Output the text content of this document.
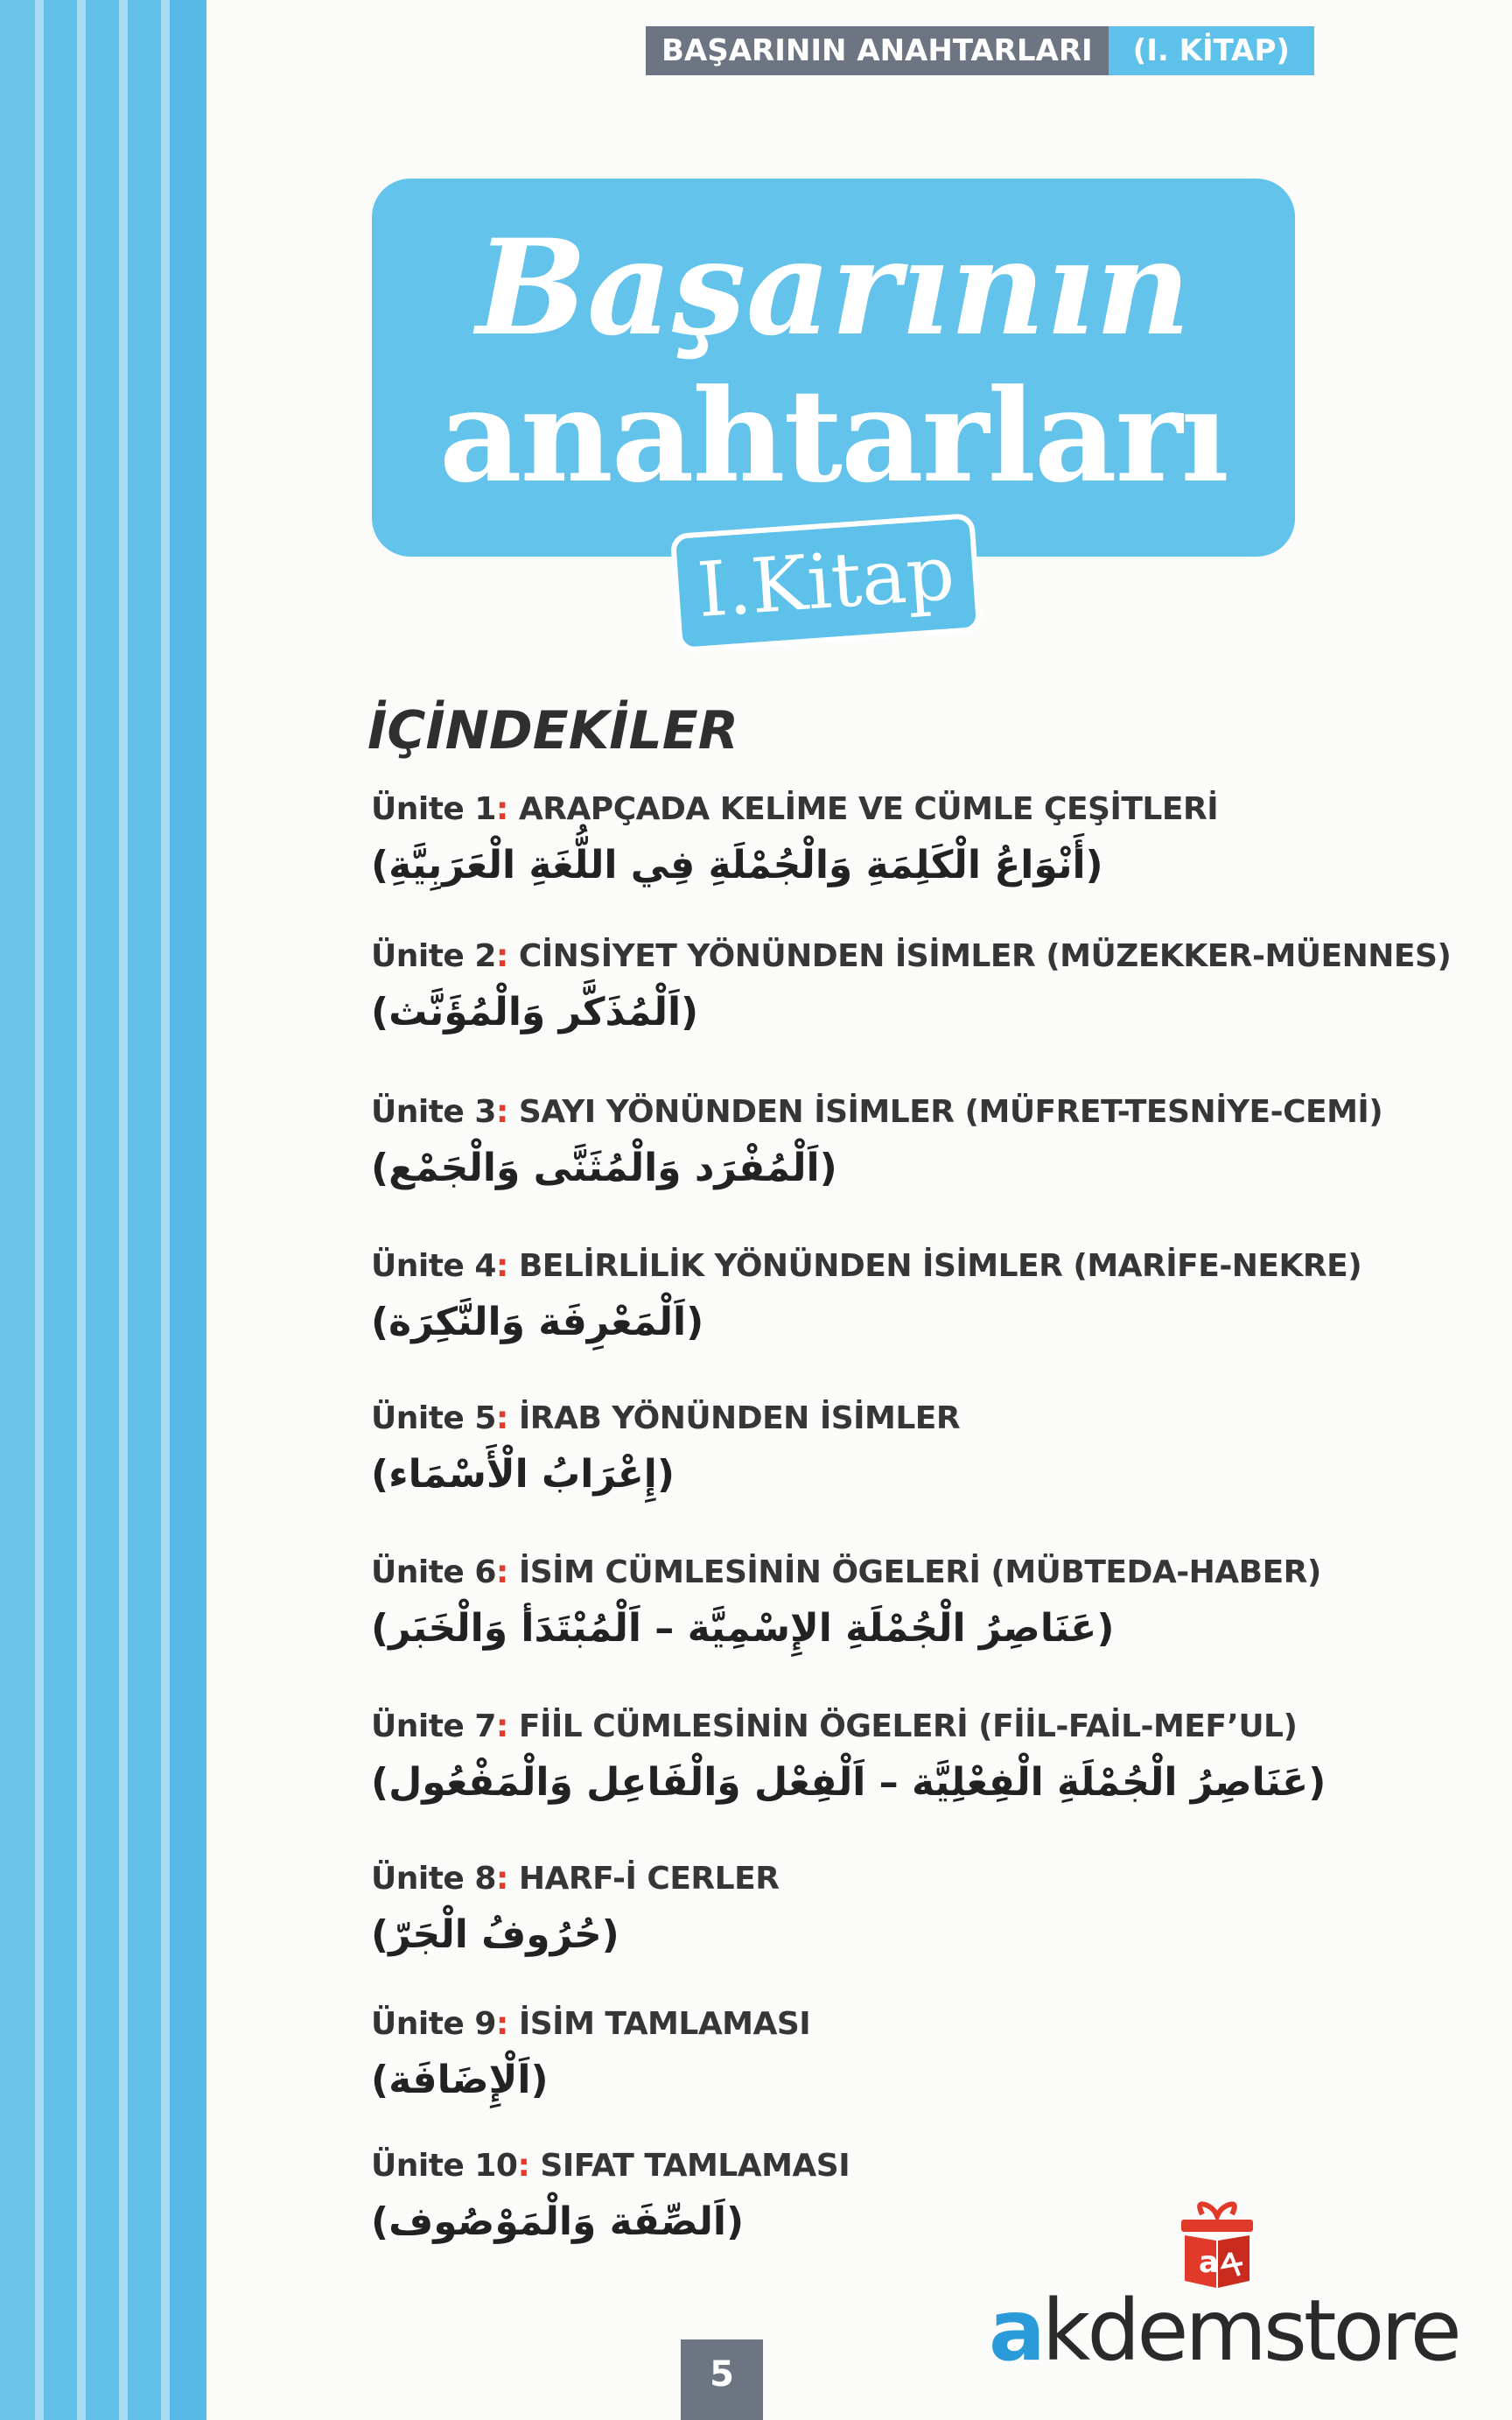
BAŞARININ ANAHTARLARI	(I. KİTAP)
Başarının
anahtarları
I.Kitap
İÇİNDEKİLER
Ünite 1: ARAPÇADA KELİME VE CÜMLE ÇEŞİTLERİ
(أَنْوَاعُ الْكَلِمَةِ وَالْجُمْلَةِ فِي اللُّغَةِ الْعَرَبِيَّةِ)
Ünite 2: CİNSİYET YÖNÜNDEN İSİMLER (MÜZEKKER-MÜENNES)
(اَلْمُذَكَّر وَالْمُؤَنَّث)
Ünite 3: SAYI YÖNÜNDEN İSİMLER (MÜFRET-TESNİYE-CEMİ)
(اَلْمُفْرَد وَالْمُثَنَّى وَالْجَمْع)
Ünite 4: BELİRLİLİK YÖNÜNDEN İSİMLER (MARİFE-NEKRE)
(اَلْمَعْرِفَة وَالنَّكِرَة)
Ünite 5: İRAB YÖNÜNDEN İSİMLER
(إِعْرَابُ الْأَسْمَاء)
Ünite 6: İSİM CÜMLESİNİN ÖGELERİ (MÜBTEDA-HABER)
(عَنَاصِرُ الْجُمْلَةِ الإِسْمِيَّة – اَلْمُبْتَدَأ وَالْخَبَر)
Ünite 7: FİİL CÜMLESİNİN ÖGELERİ (FİİL-FAİL-MEF’UL)
(عَنَاصِرُ الْجُمْلَةِ الْفِعْلِيَّة – اَلْفِعْل وَالْفَاعِل وَالْمَفْعُول)
Ünite 8: HARF-İ CERLER
(حُرُوفُ الْجَرّ)
Ünite 9: İSİM TAMLAMASI
(اَلْإِضَافَة)
Ünite 10: SIFAT TAMLAMASI
(اَلصِّفَة وَالْمَوْصُوف)
5
a
akdemstore
